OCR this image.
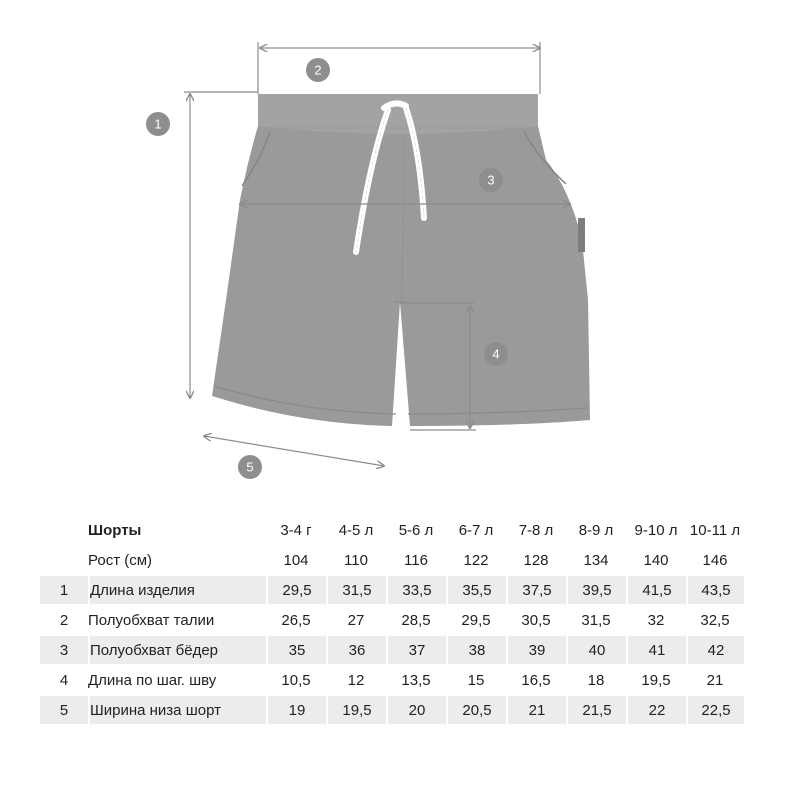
1
2
3
4
5
	Шорты	3-4 г	4-5 л	5-6 л	6-7 л	7-8 л	8-9 л	9-10 л	10-11 л
	Рост (см)	104	110	116	122	128	134	140	146
1	Длина изделия	29,5	31,5	33,5	35,5	37,5	39,5	41,5	43,5
2	Полуобхват талии	26,5	27	28,5	29,5	30,5	31,5	32	32,5
3	Полуобхват бёдер	35	36	37	38	39	40	41	42
4	Длина по шаг. шву	10,5	12	13,5	15	16,5	18	19,5	21
5	Ширина низа шорт	19	19,5	20	20,5	21	21,5	22	22,5
